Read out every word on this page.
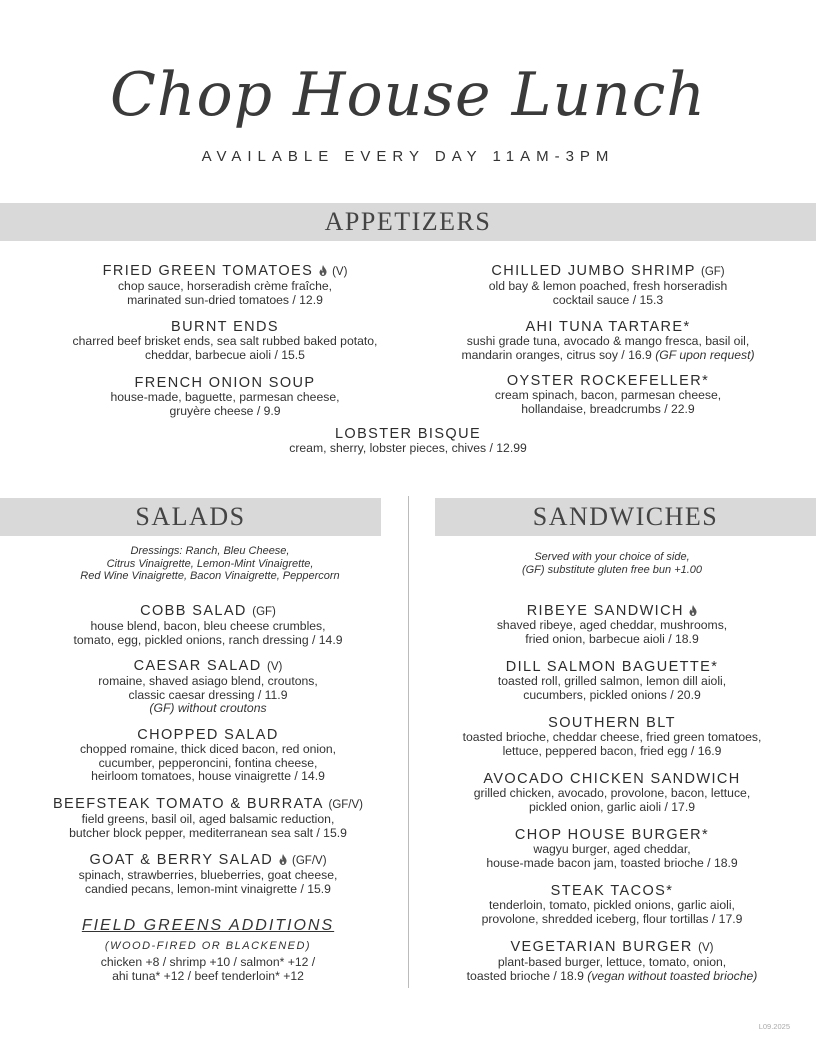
Chop House Lunch
AVAILABLE EVERY DAY 11AM-3PM
APPETIZERS
SALADS	SANDWICHES
FRIED GREEN TOMATOES (V)
chop sauce, horseradish crème fraîche,
marinated sun-dried tomatoes / 12.9
BURNT ENDS
charred beef brisket ends, sea salt rubbed baked potato,
cheddar, barbecue aioli / 15.5
FRENCH ONION SOUP
house-made, baguette, parmesan cheese,
gruyère cheese / 9.9
CHILLED JUMBO SHRIMP (GF)
old bay & lemon poached, fresh horseradish
cocktail sauce / 15.3
AHI TUNA TARTARE*
sushi grade tuna, avocado & mango fresca, basil oil,
mandarin oranges, citrus soy / 16.9 (GF upon request)
OYSTER ROCKEFELLER*
cream spinach, bacon, parmesan cheese,
hollandaise, breadcrumbs / 22.9
LOBSTER BISQUE
cream, sherry, lobster pieces, chives / 12.99
Dressings: Ranch, Bleu Cheese,
Citrus Vinaigrette, Lemon-Mint Vinaigrette,
Red Wine Vinaigrette, Bacon Vinaigrette, Peppercorn
COBB SALAD (GF)
house blend, bacon, bleu cheese crumbles,
tomato, egg, pickled onions, ranch dressing / 14.9
CAESAR SALAD (V)
romaine, shaved asiago blend, croutons,
classic caesar dressing / 11.9
(GF) without croutons
CHOPPED SALAD
chopped romaine, thick diced bacon, red onion,
cucumber, pepperoncini, fontina cheese,
heirloom tomatoes, house vinaigrette / 14.9
BEEFSTEAK TOMATO & BURRATA (GF/V)
field greens, basil oil, aged balsamic reduction,
butcher block pepper, mediterranean sea salt / 15.9
GOAT & BERRY SALAD (GF/V)
spinach, strawberries, blueberries, goat cheese,
candied pecans, lemon-mint vinaigrette / 15.9
FIELD GREENS ADDITIONS
(WOOD-FIRED OR BLACKENED)
chicken +8 / shrimp +10 / salmon* +12 /
ahi tuna* +12 / beef tenderloin* +12
Served with your choice of side,
(GF) substitute gluten free bun +1.00
RIBEYE SANDWICH
shaved ribeye, aged cheddar, mushrooms,
fried onion, barbecue aioli / 18.9
DILL SALMON BAGUETTE*
toasted roll, grilled salmon, lemon dill aioli,
cucumbers, pickled onions / 20.9
SOUTHERN BLT
toasted brioche, cheddar cheese, fried green tomatoes,
lettuce, peppered bacon, fried egg / 16.9
AVOCADO CHICKEN SANDWICH
grilled chicken, avocado, provolone, bacon, lettuce,
pickled onion, garlic aioli / 17.9
CHOP HOUSE BURGER*
wagyu burger, aged cheddar,
house-made bacon jam, toasted brioche / 18.9
STEAK TACOS*
tenderloin, tomato, pickled onions, garlic aioli,
provolone, shredded iceberg, flour tortillas / 17.9
VEGETARIAN BURGER (V)
plant-based burger, lettuce, tomato, onion,
toasted brioche / 18.9 (vegan without toasted brioche)
L09.2025
